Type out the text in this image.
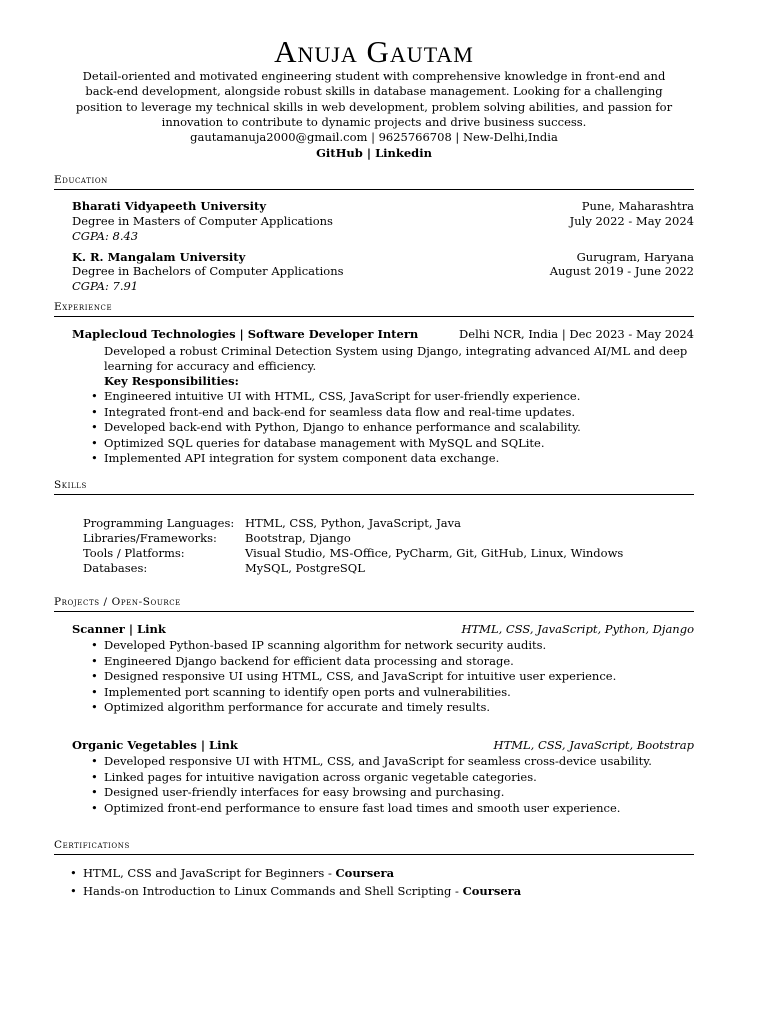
Anuja Gautam
Detail-oriented and motivated engineering student with comprehensive knowledge in front-end and back-end development, alongside robust skills in database management. Looking for a challenging position to leverage my technical skills in web development, problem solving abilities, and passion for innovation to contribute to dynamic projects and drive business success.
gautamanuja2000@gmail.com | 9625766708 | New-Delhi,India
GitHub | Linkedin
Education
Bharati Vidyapeeth University	Pune, Maharashtra
Degree in Masters of Computer Applications	July 2022 - May 2024
CGPA: 8.43
K. R. Mangalam University	Gurugram, Haryana
Degree in Bachelors of Computer Applications	August 2019 - June 2022
CGPA: 7.91
Experience
Maplecloud Technologies | Software Developer Intern	Delhi NCR, India | Dec 2023 - May 2024
Developed a robust Criminal Detection System using Django, integrating advanced AI/ML and deep learning for accuracy and efficiency.
Key Responsibilities:
• Engineered intuitive UI with HTML, CSS, JavaScript for user-friendly experience.
• Integrated front-end and back-end for seamless data flow and real-time updates.
• Developed back-end with Python, Django to enhance performance and scalability.
• Optimized SQL queries for database management with MySQL and SQLite.
• Implemented API integration for system component data exchange.
Skills
Programming Languages: HTML, CSS, Python, JavaScript, Java
Libraries/Frameworks:	Bootstrap, Django
Tools / Platforms:	Visual Studio, MS-Office, PyCharm, Git, GitHub, Linux, Windows
Databases:	MySQL, PostgreSQL
Projects / Open-Source
Scanner | Link	HTML, CSS, JavaScript, Python, Django
• Developed Python-based IP scanning algorithm for network security audits.
• Engineered Django backend for efficient data processing and storage.
• Designed responsive UI using HTML, CSS, and JavaScript for intuitive user experience.
• Implemented port scanning to identify open ports and vulnerabilities.
• Optimized algorithm performance for accurate and timely results.
Organic Vegetables | Link	HTML, CSS, JavaScript, Bootstrap
• Developed responsive UI with HTML, CSS, and JavaScript for seamless cross-device usability.
• Linked pages for intuitive navigation across organic vegetable categories.
• Designed user-friendly interfaces for easy browsing and purchasing.
• Optimized front-end performance to ensure fast load times and smooth user experience.
Certifications
• HTML, CSS and JavaScript for Beginners - Coursera
• Hands-on Introduction to Linux Commands and Shell Scripting - Coursera
